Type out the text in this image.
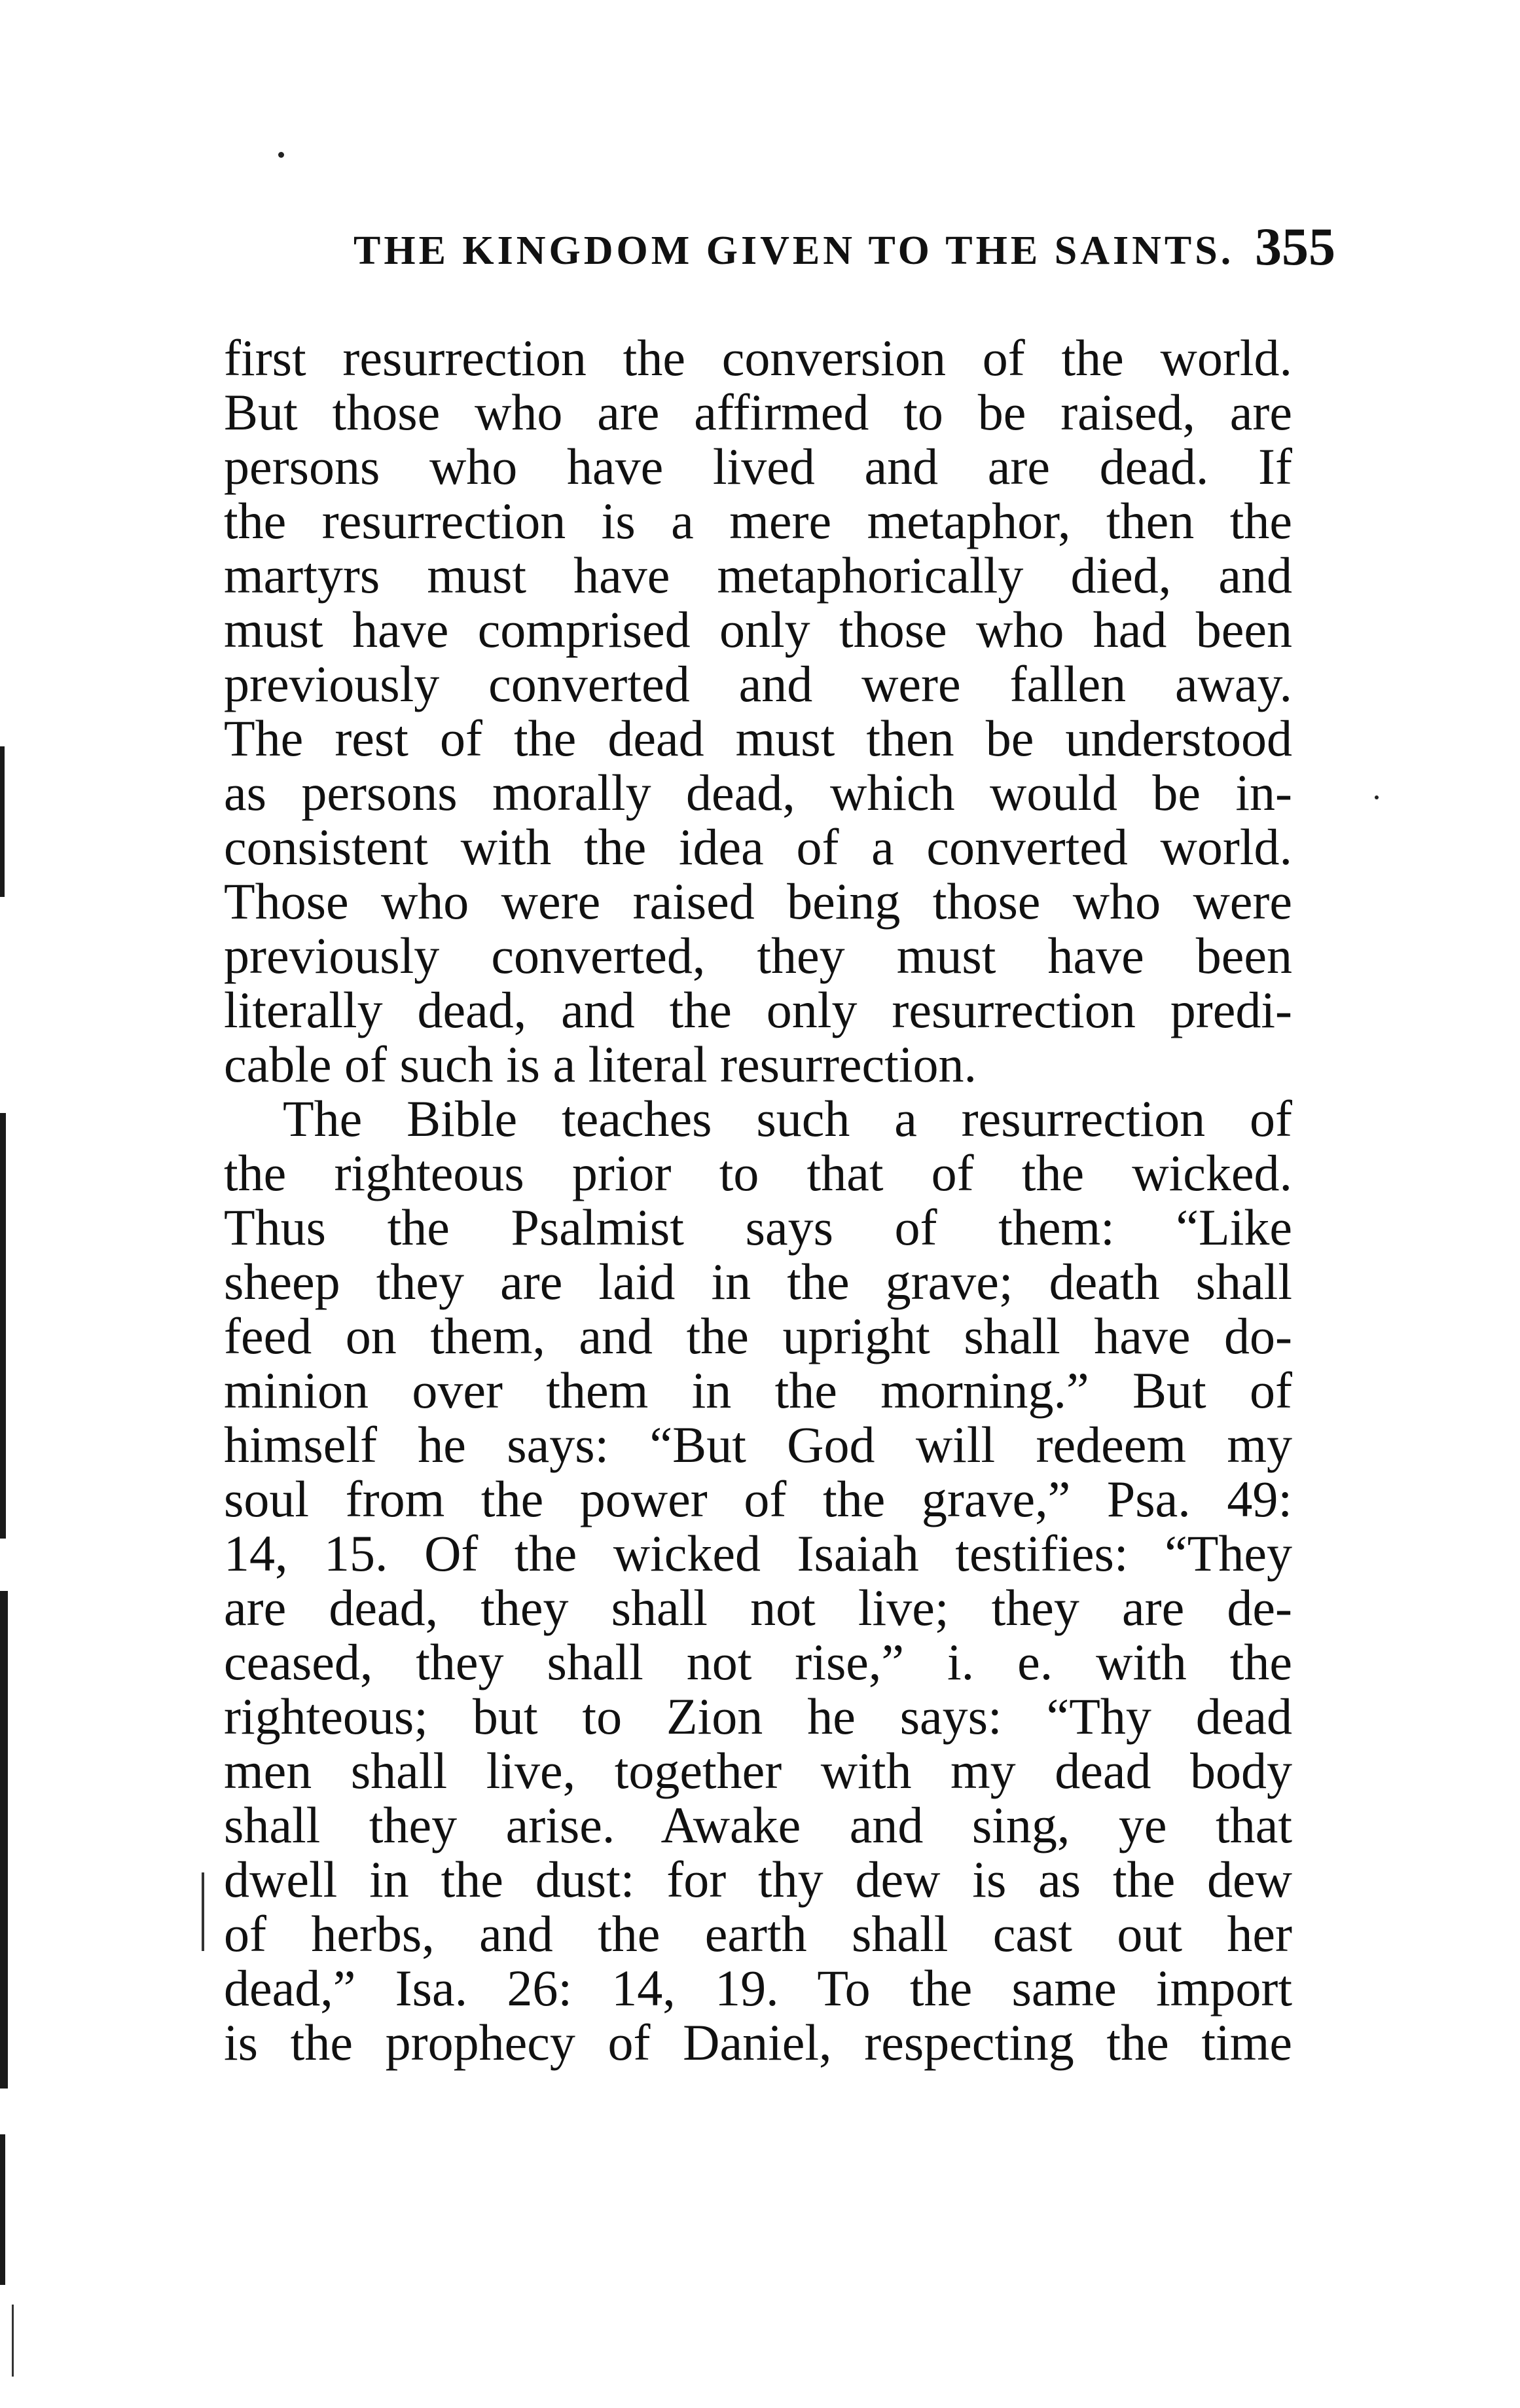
THE KINGDOM GIVEN TO THE SAINTS. 355
first resurrection the conversion of the world.
But those who are affirmed to be raised, are
persons who have lived and are dead. If
the resurrection is a mere metaphor, then the
martyrs must have metaphorically died, and
must have comprised only those who had been
previously converted and were fallen away.
The rest of the dead must then be understood
as persons morally dead, which would be in-
consistent with the idea of a converted world.
Those who were raised being those who were
previously converted, they must have been
literally dead, and the only resurrection predi-
cable of such is a literal resurrection.
The Bible teaches such a resurrection of
the righteous prior to that of the wicked.
Thus the Psalmist says of them: “Like
sheep they are laid in the grave; death shall
feed on them, and the upright shall have do-
minion over them in the morning.” But of
himself he says: “But God will redeem my
soul from the power of the grave,” Psa. 49:
14, 15. Of the wicked Isaiah testifies: “They
are dead, they shall not live; they are de-
ceased, they shall not rise,” i. e. with the
righteous; but to Zion he says: “Thy dead
men shall live, together with my dead body
shall they arise. Awake and sing, ye that
dwell in the dust: for thy dew is as the dew
of herbs, and the earth shall cast out her
dead,” Isa. 26: 14, 19. To the same import
is the prophecy of Daniel, respecting the time
